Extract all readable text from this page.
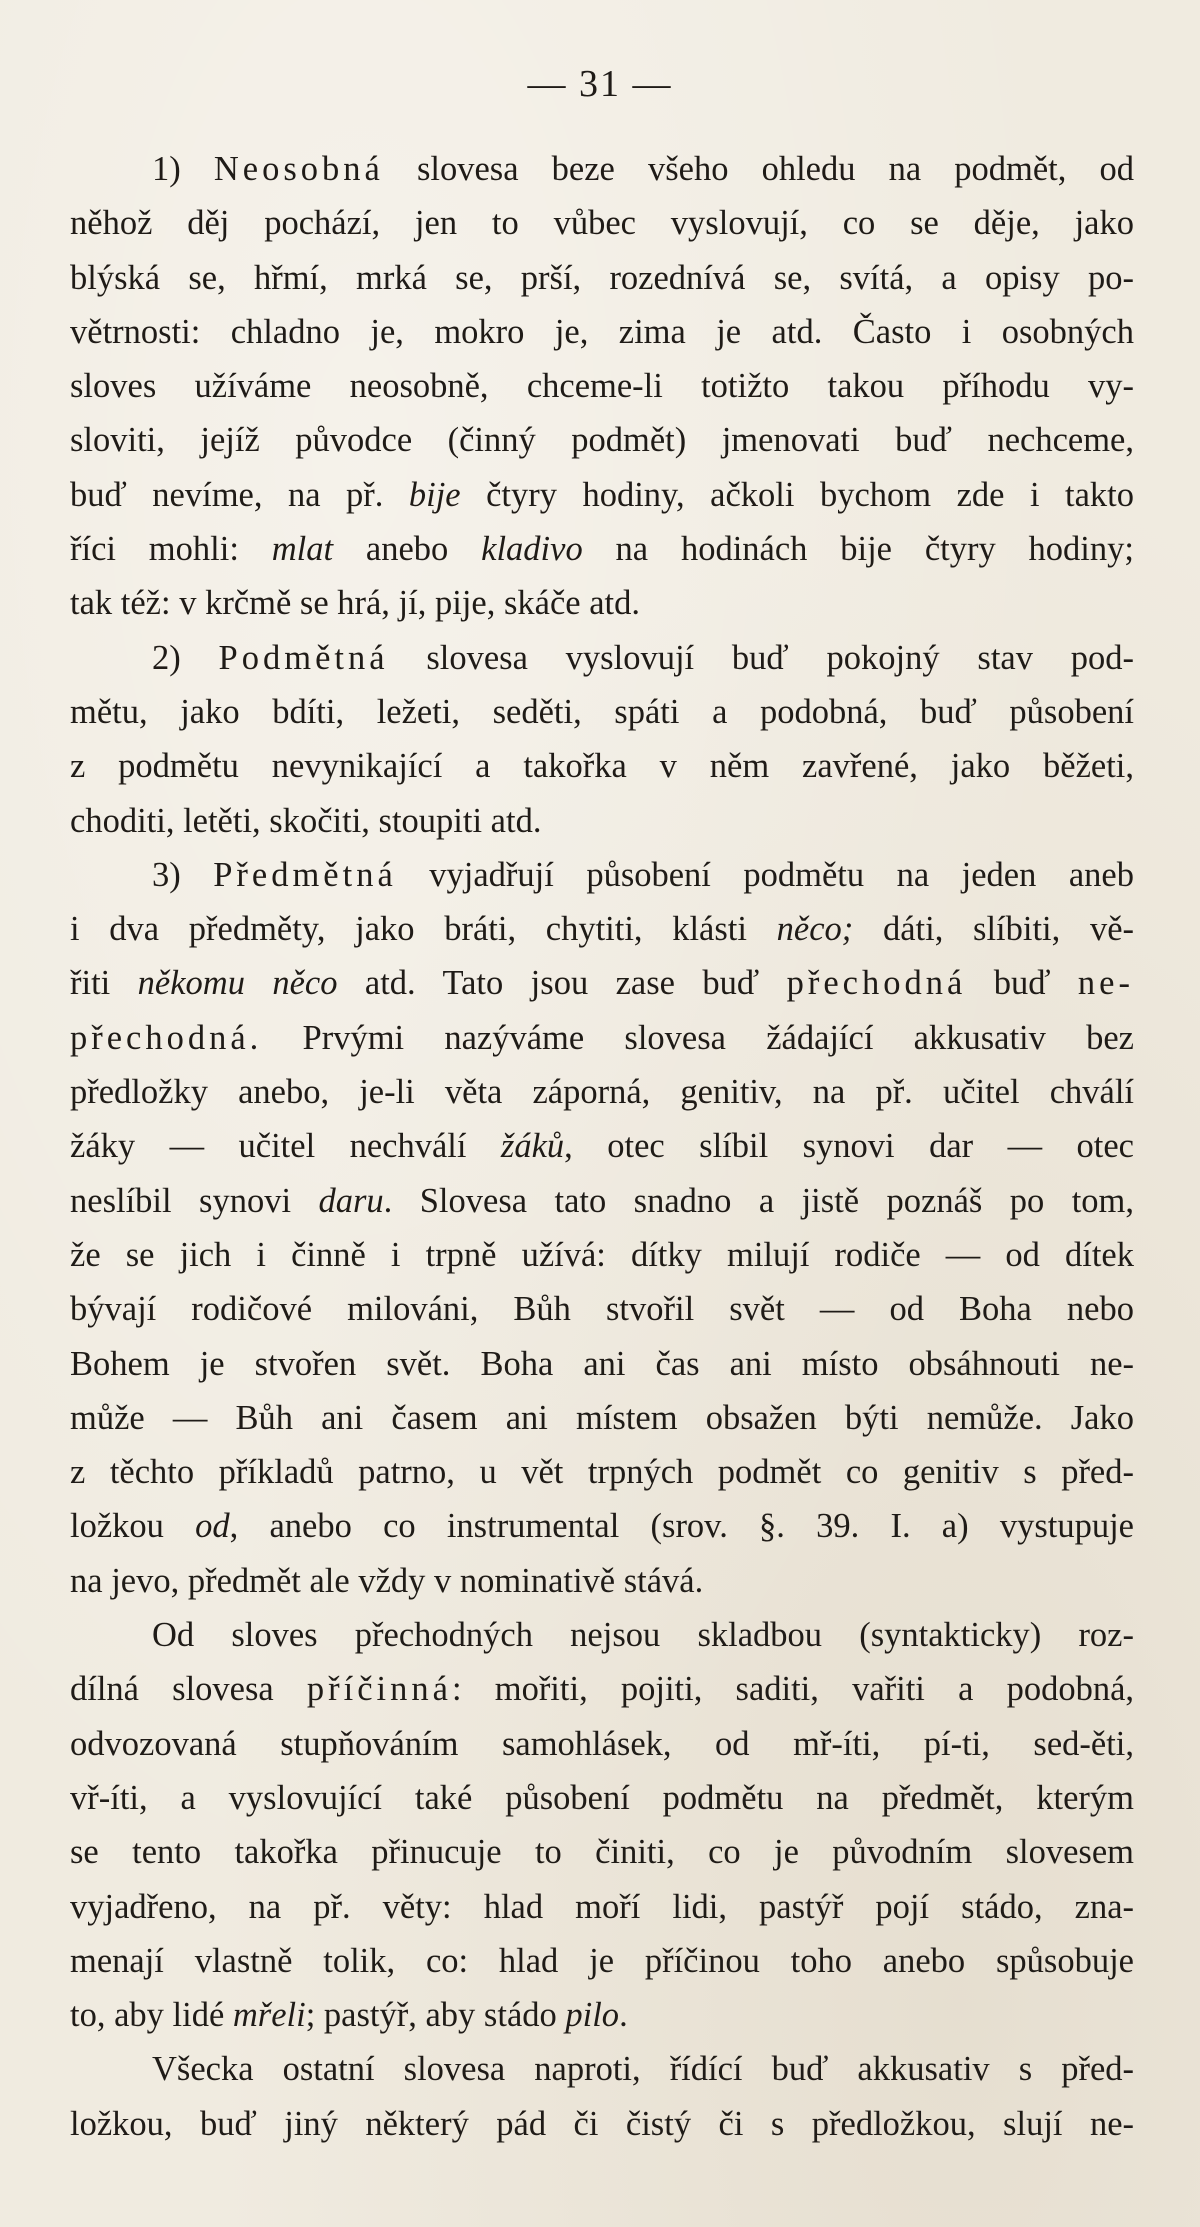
— 31 —
1) Neosobná slovesa beze všeho ohledu na podmět, od
něhož děj pochází, jen to vůbec vyslovují, co se děje, jako
blýská se, hřmí, mrká se, prší, rozednívá se, svítá, a opisy po-
větrnosti: chladno je, mokro je, zima je atd. Často i osobných
sloves užíváme neosobně, chceme-li totižto takou příhodu vy-
sloviti, jejíž původce (činný podmět) jmenovati buď nechceme,
buď nevíme, na př. bije čtyry hodiny, ačkoli bychom zde i takto
říci mohli: mlat anebo kladivo na hodinách bije čtyry hodiny;
tak též: v krčmě se hrá, jí, pije, skáče atd.
2) Podmětná slovesa vyslovují buď pokojný stav pod-
mětu, jako bdíti, ležeti, seděti, spáti a podobná, buď působení
z podmětu nevynikající a takořka v něm zavřené, jako běžeti,
choditi, letěti, skočiti, stoupiti atd.
3) Předmětná vyjadřují působení podmětu na jeden aneb
i dva předměty, jako bráti, chytiti, klásti něco; dáti, slíbiti, vě-
řiti někomu něco atd. Tato jsou zase buď přechodná buď ne-
přechodná. Prvými nazýváme slovesa žádající akkusativ bez
předložky anebo, je-li věta záporná, genitiv, na př. učitel chválí
žáky — učitel nechválí žáků, otec slíbil synovi dar — otec
neslíbil synovi daru. Slovesa tato snadno a jistě poznáš po tom,
že se jich i činně i trpně užívá: dítky milují rodiče — od dítek
bývají rodičové milováni, Bůh stvořil svět — od Boha nebo
Bohem je stvořen svět. Boha ani čas ani místo obsáhnouti ne-
může — Bůh ani časem ani místem obsažen býti nemůže. Jako
z těchto příkladů patrno, u vět trpných podmět co genitiv s před-
ložkou od, anebo co instrumental (srov. §. 39. I. a) vystupuje
na jevo, předmět ale vždy v nominativě stává.
Od sloves přechodných nejsou skladbou (syntakticky) roz-
dílná slovesa příčinná: mořiti, pojiti, saditi, vařiti a podobná,
odvozovaná stupňováním samohlásek, od mř-íti, pí-ti, sed-ěti,
vř-íti, a vyslovující také působení podmětu na předmět, kterým
se tento takořka přinucuje to činiti, co je původním slovesem
vyjadřeno, na př. věty: hlad moří lidi, pastýř pojí stádo, zna-
menají vlastně tolik, co: hlad je příčinou toho anebo spůsobuje
to, aby lidé mřeli; pastýř, aby stádo pilo.
Všecka ostatní slovesa naproti, řídící buď akkusativ s před-
ložkou, buď jiný některý pád či čistý či s předložkou, slují ne-
